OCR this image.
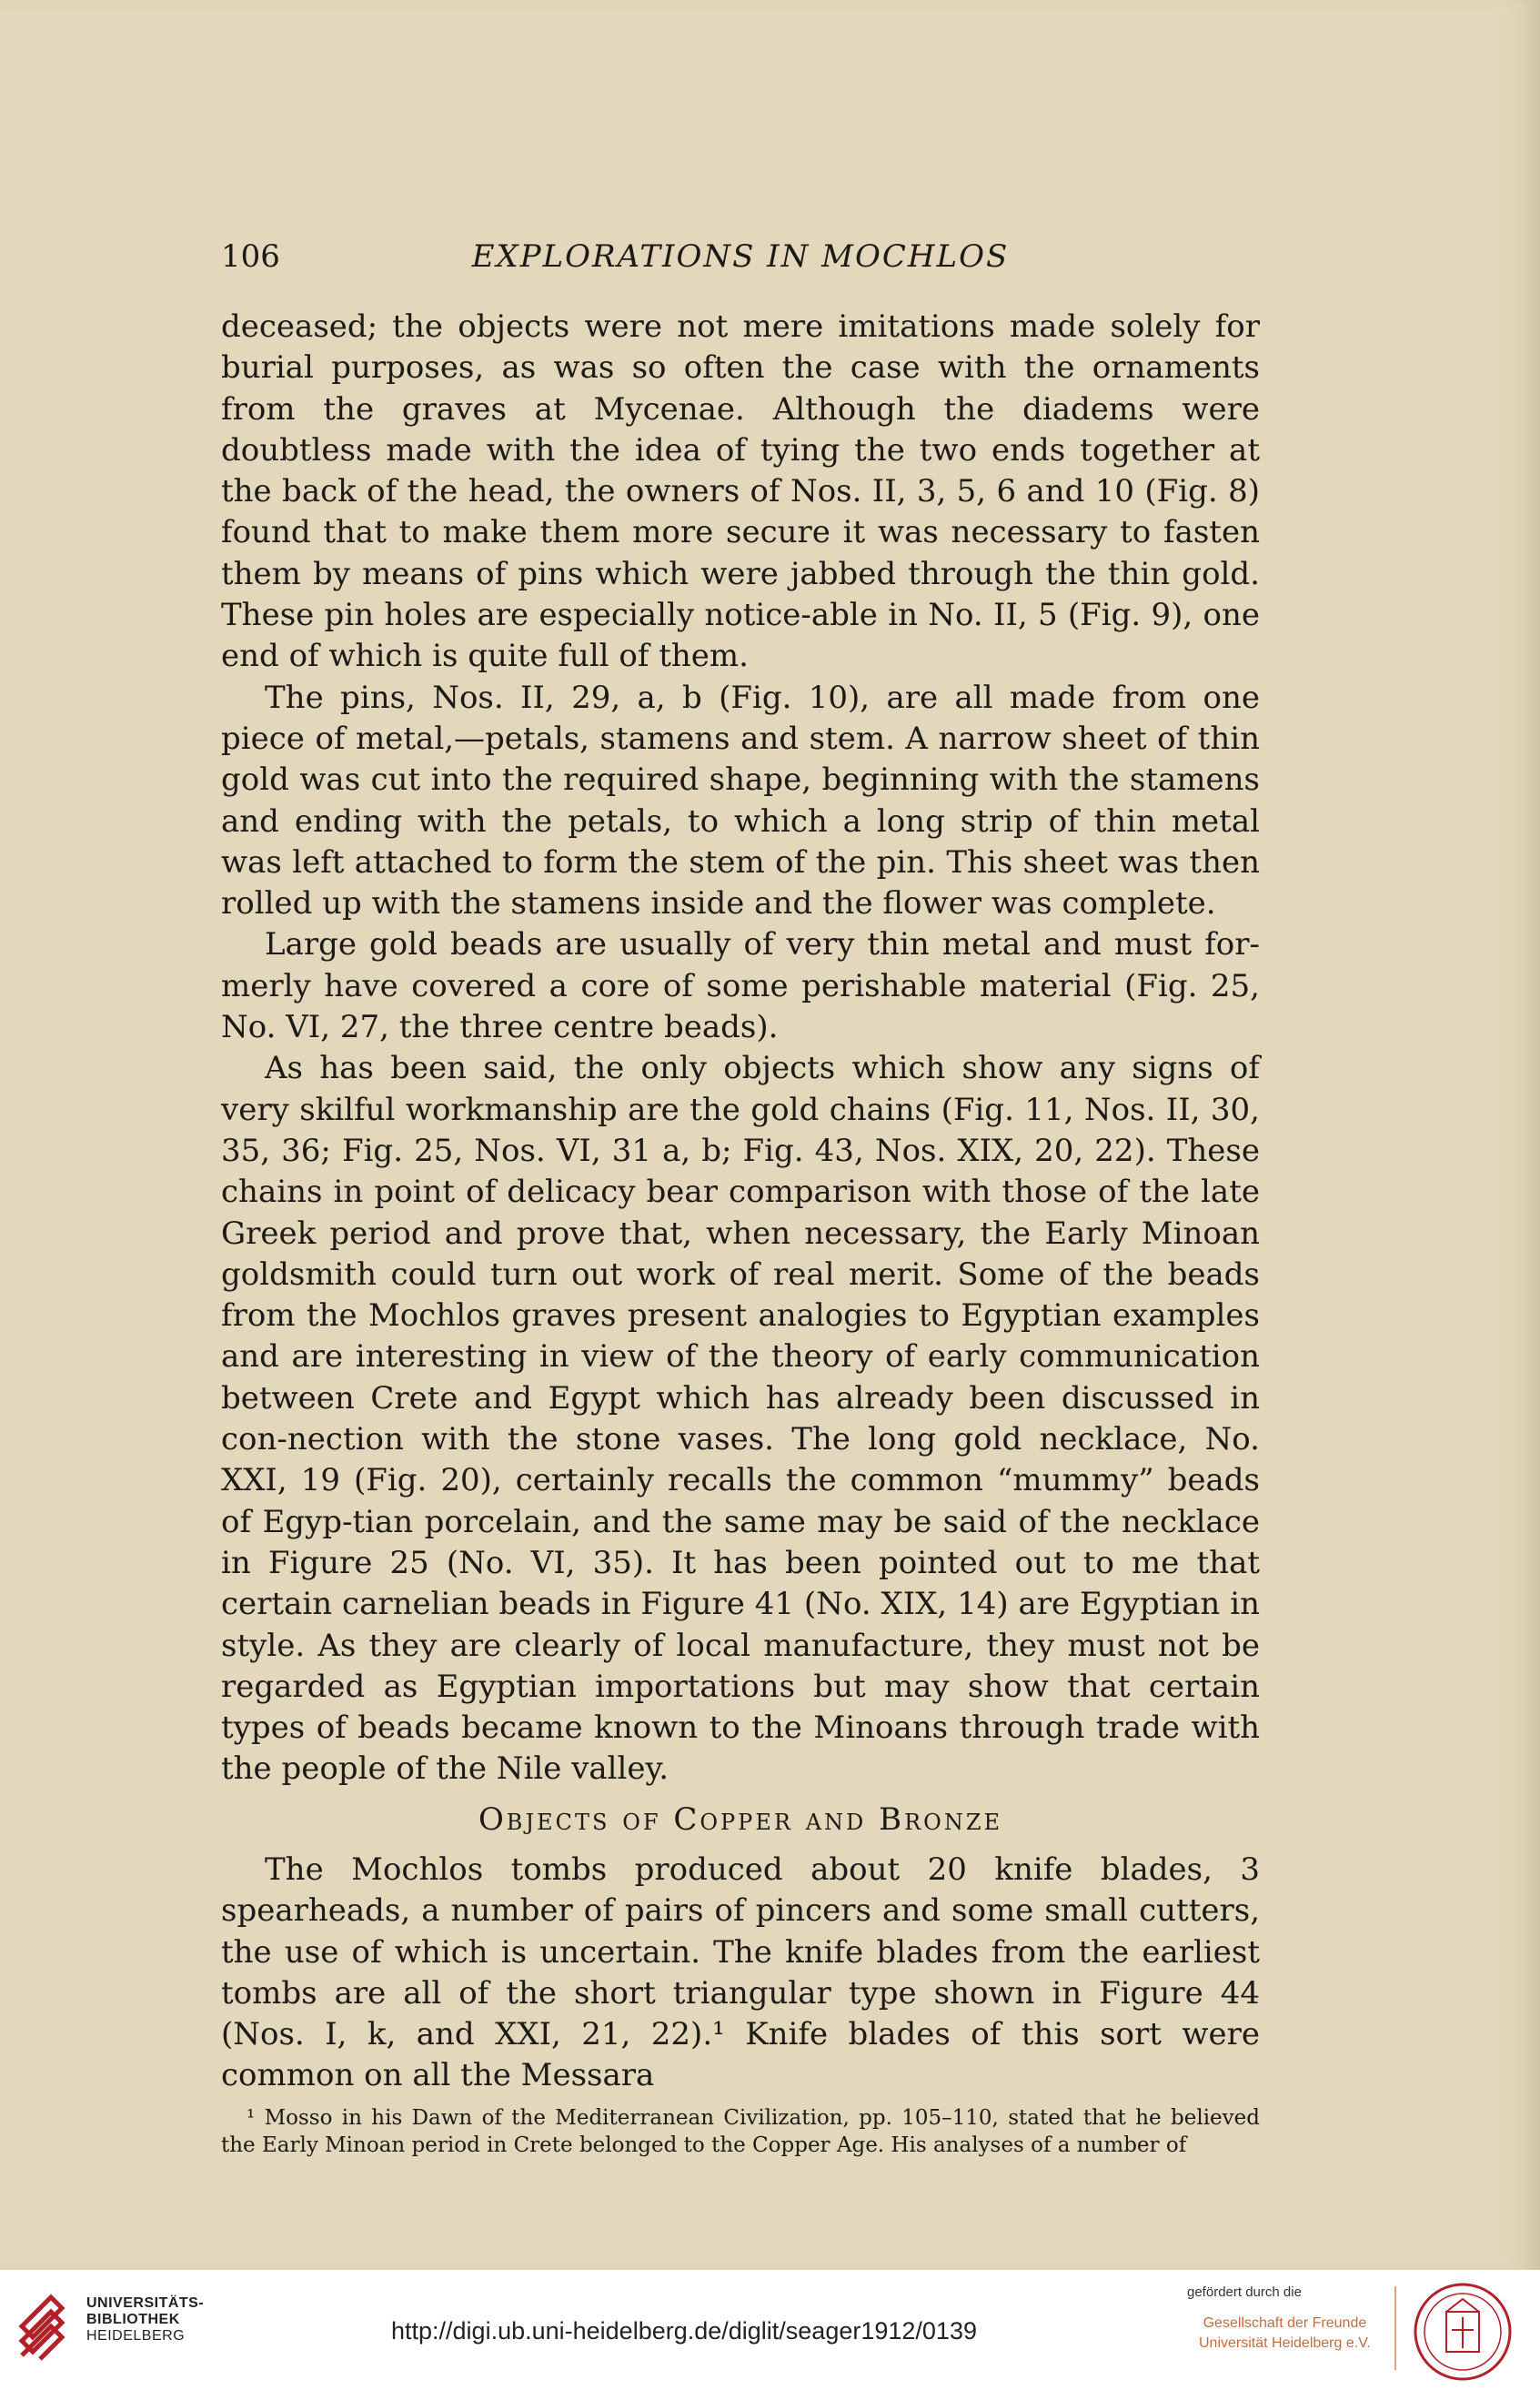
106	EXPLORATIONS IN MOCHLOS

deceased; the objects were not mere imitations made solely for burial purposes, as was so often the case with the ornaments from the graves at Mycenae. Although the diadems were doubtless made with the idea of tying the two ends together at the back of the head, the owners of Nos. II, 3, 5, 6 and 10 (Fig. 8) found that to make them more secure it was necessary to fasten them by means of pins which were jabbed through the thin gold. These pin holes are especially notice-able in No. II, 5 (Fig. 9), one end of which is quite full of them.

The pins, Nos. II, 29, a, b (Fig. 10), are all made from one piece of metal,—petals, stamens and stem. A narrow sheet of thin gold was cut into the required shape, beginning with the stamens and ending with the petals, to which a long strip of thin metal was left attached to form the stem of the pin. This sheet was then rolled up with the stamens inside and the flower was complete.

Large gold beads are usually of very thin metal and must for-merly have covered a core of some perishable material (Fig. 25, No. VI, 27, the three centre beads).

As has been said, the only objects which show any signs of very skilful workmanship are the gold chains (Fig. 11, Nos. II, 30, 35, 36; Fig. 25, Nos. VI, 31 a, b; Fig. 43, Nos. XIX, 20, 22). These chains in point of delicacy bear comparison with those of the late Greek period and prove that, when necessary, the Early Minoan goldsmith could turn out work of real merit. Some of the beads from the Mochlos graves present analogies to Egyptian examples and are interesting in view of the theory of early communication between Crete and Egypt which has already been discussed in con-nection with the stone vases. The long gold necklace, No. XXI, 19 (Fig. 20), certainly recalls the common “mummy” beads of Egyp-tian porcelain, and the same may be said of the necklace in Figure 25 (No. VI, 35). It has been pointed out to me that certain carnelian beads in Figure 41 (No. XIX, 14) are Egyptian in style. As they are clearly of local manufacture, they must not be regarded as Egyptian importations but may show that certain types of beads became known to the Minoans through trade with the people of the Nile valley.

Objects of Copper and Bronze

The Mochlos tombs produced about 20 knife blades, 3 spearheads, a number of pairs of pincers and some small cutters, the use of which is uncertain. The knife blades from the earliest tombs are all of the short triangular type shown in Figure 44 (Nos. I, k, and XXI, 21, 22).¹ Knife blades of this sort were common on all the Messara

¹ Mosso in his Dawn of the Mediterranean Civilization, pp. 105–110, stated that he believed the Early Minoan period in Crete belonged to the Copper Age. His analyses of a number of

UNIVERSITÄTS-
BIBLIOTHEK
HEIDELBERG	http://digi.ub.uni-heidelberg.de/diglit/seager1912/0139
gefördert durch die
Gesellschaft der Freunde
Universität Heidelberg e.V.
